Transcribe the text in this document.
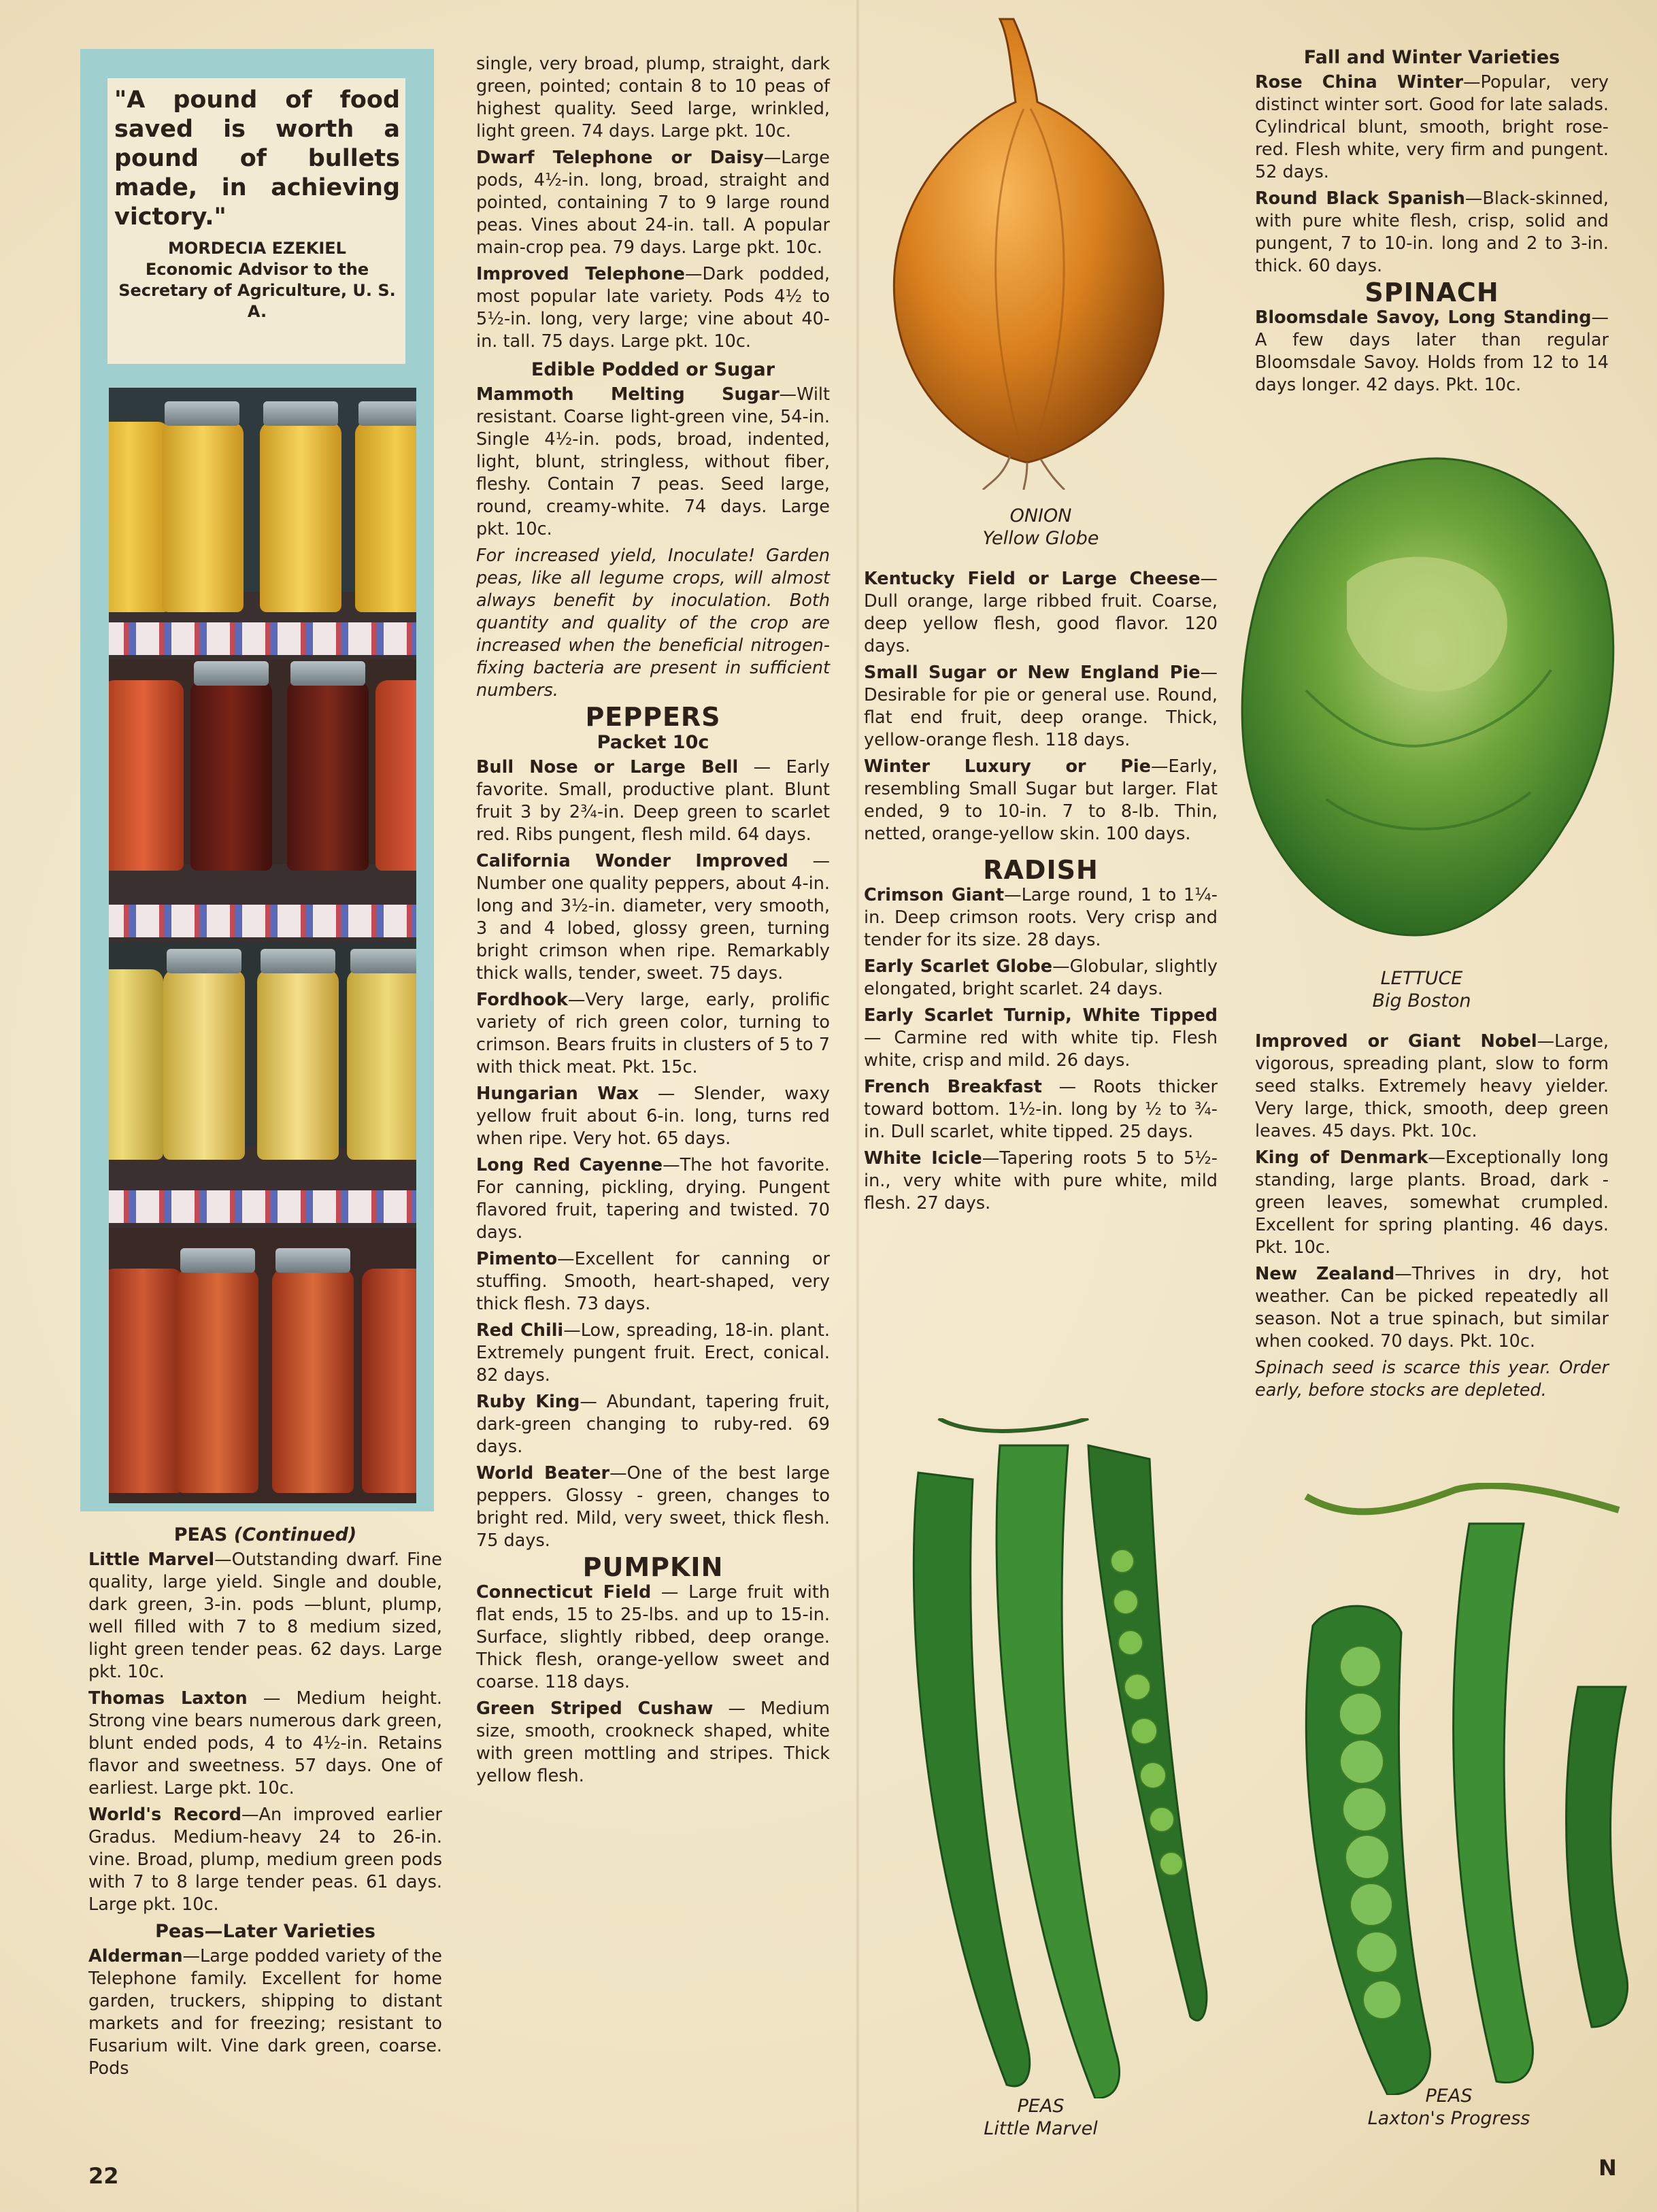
"A pound of food saved is worth a pound of bullets made, in achieving victory."
MORDECIA EZEKIEL
Economic Advisor to the Secretary of Agriculture, U. S. A.
PEAS (Continued)

Little Marvel—Outstanding dwarf. Fine quality, large yield. Single and double, dark green, 3-in. pods —blunt, plump, well filled with 7 to 8 medium sized, light green tender peas. 62 days. Large pkt. 10c.

Thomas Laxton — Medium height. Strong vine bears numerous dark green, blunt ended pods, 4 to 4½-in. Retains flavor and sweetness. 57 days. One of earliest. Large pkt. 10c.

World's Record—An improved earlier Gradus. Medium-heavy 24 to 26-in. vine. Broad, plump, medium green pods with 7 to 8 large tender peas. 61 days. Large pkt. 10c.

Peas—Later Varieties

Alderman—Large podded variety of the Telephone family. Excellent for home garden, truckers, shipping to distant markets and for freezing; resistant to Fusarium wilt. Vine dark green, coarse. Pods

single, very broad, plump, straight, dark green, pointed; contain 8 to 10 peas of highest quality. Seed large, wrinkled, light green. 74 days. Large pkt. 10c.

Dwarf Telephone or Daisy—Large pods, 4½-in. long, broad, straight and pointed, containing 7 to 9 large round peas. Vines about 24-in. tall. A popular main-crop pea. 79 days. Large pkt. 10c.

Improved Telephone—Dark podded, most popular late variety. Pods 4½ to 5½-in. long, very large; vine about 40-in. tall. 75 days. Large pkt. 10c.

Edible Podded or Sugar

Mammoth Melting Sugar—Wilt resistant. Coarse light-green vine, 54-in. Single 4½-in. pods, broad, indented, light, blunt, stringless, without fiber, fleshy. Contain 7 peas. Seed large, round, creamy-white. 74 days. Large pkt. 10c.

For increased yield, Inoculate! Garden peas, like all legume crops, will almost always benefit by inoculation. Both quantity and quality of the crop are increased when the beneficial nitrogen-fixing bacteria are present in sufficient numbers.

PEPPERS
Packet 10c

Bull Nose or Large Bell — Early favorite. Small, productive plant. Blunt fruit 3 by 2¾-in. Deep green to scarlet red. Ribs pungent, flesh mild. 64 days.

California Wonder Improved — Number one quality peppers, about 4-in. long and 3½-in. diameter, very smooth, 3 and 4 lobed, glossy green, turning bright crimson when ripe. Remarkably thick walls, tender, sweet. 75 days.

Fordhook—Very large, early, prolific variety of rich green color, turning to crimson. Bears fruits in clusters of 5 to 7 with thick meat. Pkt. 15c.

Hungarian Wax — Slender, waxy yellow fruit about 6-in. long, turns red when ripe. Very hot. 65 days.

Long Red Cayenne—The hot favorite. For canning, pickling, drying. Pungent flavored fruit, tapering and twisted. 70 days.

Pimento—Excellent for canning or stuffing. Smooth, heart-shaped, very thick flesh. 73 days.

Red Chili—Low, spreading, 18-in. plant. Extremely pungent fruit. Erect, conical. 82 days.

Ruby King— Abundant, tapering fruit, dark-green changing to ruby-red. 69 days.

World Beater—One of the best large peppers. Glossy - green, changes to bright red. Mild, very sweet, thick flesh. 75 days.

PUMPKIN

Connecticut Field — Large fruit with flat ends, 15 to 25-lbs. and up to 15-in. Surface, slightly ribbed, deep orange. Thick flesh, orange-yellow sweet and coarse. 118 days.

Green Striped Cushaw — Medium size, smooth, crookneck shaped, white with green mottling and stripes. Thick yellow flesh.

ONION
Yellow Globe

Kentucky Field or Large Cheese—Dull orange, large ribbed fruit. Coarse, deep yellow flesh, good flavor. 120 days.

Small Sugar or New England Pie—Desirable for pie or general use. Round, flat end fruit, deep orange. Thick, yellow-orange flesh. 118 days.

Winter Luxury or Pie—Early, resembling Small Sugar but larger. Flat ended, 9 to 10-in. 7 to 8-lb. Thin, netted, orange-yellow skin. 100 days.

RADISH

Crimson Giant—Large round, 1 to 1¼-in. Deep crimson roots. Very crisp and tender for its size. 28 days.

Early Scarlet Globe—Globular, slightly elongated, bright scarlet. 24 days.

Early Scarlet Turnip, White Tipped — Carmine red with white tip. Flesh white, crisp and mild. 26 days.

French Breakfast — Roots thicker toward bottom. 1½-in. long by ½ to ¾-in. Dull scarlet, white tipped. 25 days.

White Icicle—Tapering roots 5 to 5½-in., very white with pure white, mild flesh. 27 days.

PEAS
Little Marvel
Fall and Winter Varieties

Rose China Winter—Popular, very distinct winter sort. Good for late salads. Cylindrical blunt, smooth, bright rose-red. Flesh white, very firm and pungent. 52 days.

Round Black Spanish—Black-skinned, with pure white flesh, crisp, solid and pungent, 7 to 10-in. long and 2 to 3-in. thick. 60 days.

SPINACH

Bloomsdale Savoy, Long Standing—A few days later than regular Bloomsdale Savoy. Holds from 12 to 14 days longer. 42 days. Pkt. 10c.

LETTUCE
Big Boston

Improved or Giant Nobel—Large, vigorous, spreading plant, slow to form seed stalks. Extremely heavy yielder. Very large, thick, smooth, deep green leaves. 45 days. Pkt. 10c.

King of Denmark—Exceptionally long standing, large plants. Broad, dark - green leaves, somewhat crumpled. Excellent for spring planting. 46 days. Pkt. 10c.

New Zealand—Thrives in dry, hot weather. Can be picked repeatedly all season. Not a true spinach, but similar when cooked. 70 days. Pkt. 10c.

Spinach seed is scarce this year. Order early, before stocks are depleted.

PEAS
Laxton's Progress
22	N
